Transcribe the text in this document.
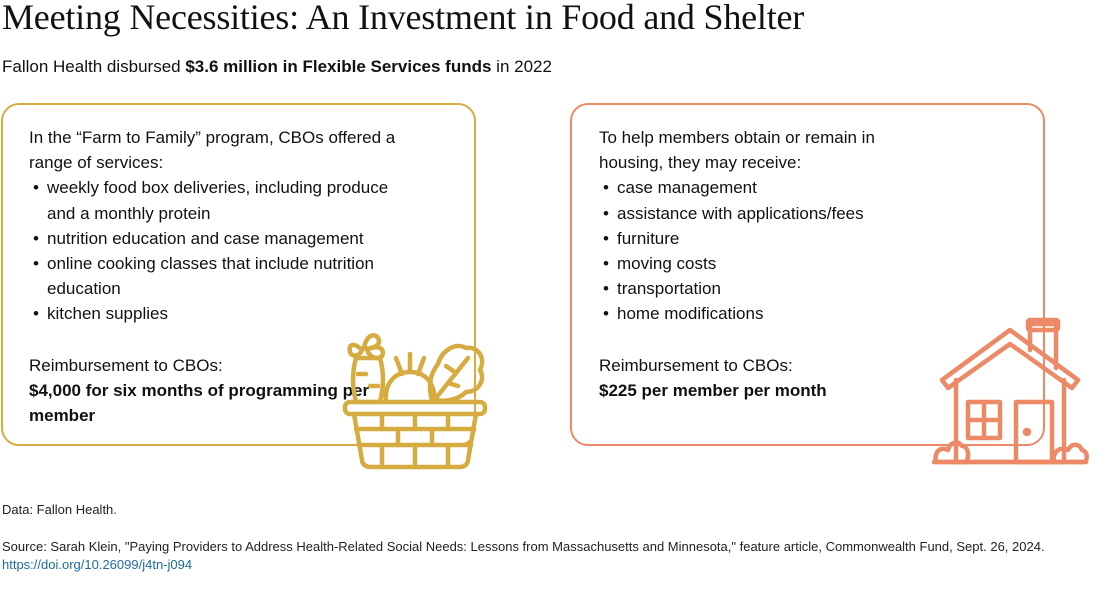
Meeting Necessities: An Investment in Food and Shelter

Fallon Health disbursed $3.6 million in Flexible Services funds in 2022

In the “Farm to Family” program, CBOs offered a range of services:

• weekly food box deliveries, including produce and a monthly protein
• nutrition education and case management
• online cooking classes that include nutrition education
• kitchen supplies

Reimbursement to CBOs:

$4,000 for six months of programming per member

To help members obtain or remain in housing, they may receive:

• case management
• assistance with applications/fees
• furniture
• moving costs
• transportation
• home modifications

Reimbursement to CBOs:

$225 per member per month

Data: Fallon Health.

Source: Sarah Klein, "Paying Providers to Address Health-Related Social Needs: Lessons from Massachusetts and Minnesota," feature article, Commonwealth Fund, Sept. 26, 2024. https://doi.org/10.26099/j4tn-j094
